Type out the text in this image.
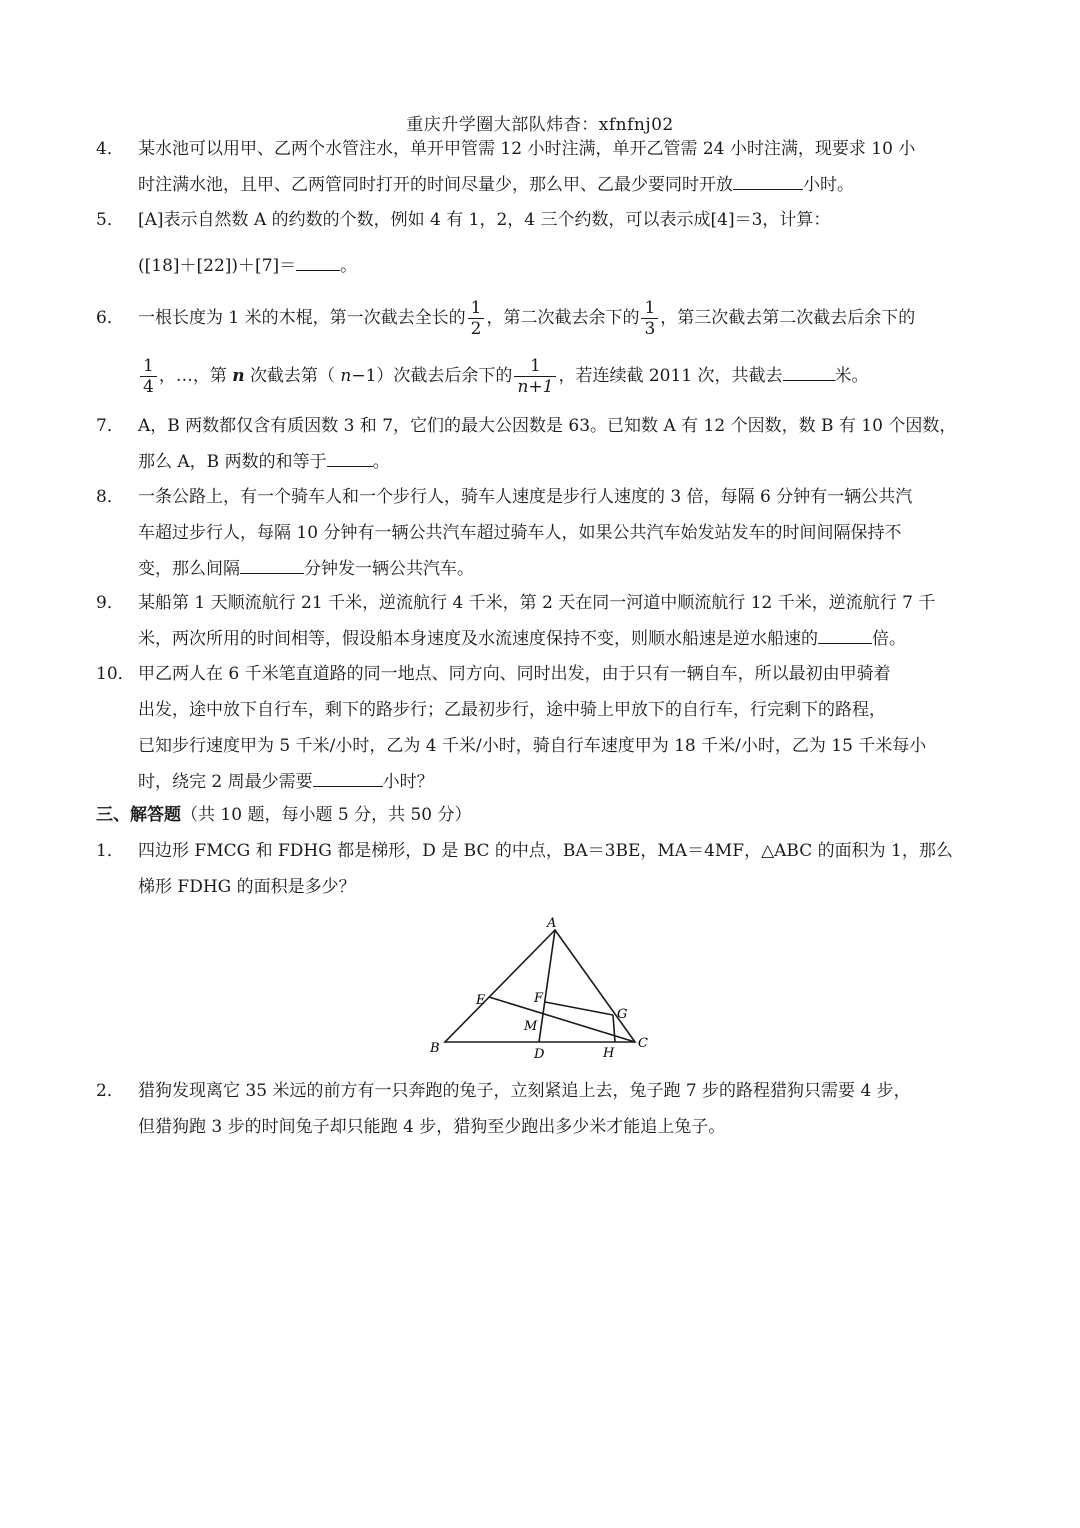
重庆升学圈大部队炜杳：xfnfnj02
4． 某水池可以用甲、乙两个水管注水，单开甲管需 12 小时注满，单开乙管需 24 小时注满，现要求 10 小

时注满水池，且甲、乙两管同时打开的时间尽量少，那么甲、乙最少要同时开放	小时。
5． [A]表示自然数 A 的约数的个数，例如 4 有 1，2，4 三个约数，可以表示成[4]＝3，计算：
([18]＋[22])＋[7]＝	。
6． 一根长度为 1 米的木棍，第一次截去全长的 $\frac{1}{2}$ ，第二次截去余下的 $\frac{1}{3}$ ，第三次截去第二次截去后余下的
$\frac{1}{4}$ ，…，第 n 次截去第（ n−1）次截去后余下的 $\frac{1}{n+1}$ ，若连续截 2011 次，共截去	米。
7． A，B 两数都仅含有质因数 3 和 7，它们的最大公因数是 63。已知数 A 有 12 个因数，数 B 有 10 个因数，

那么 A，B 两数的和等于	。
8． 一条公路上，有一个骑车人和一个步行人，骑车人速度是步行人速度的 3 倍，每隔 6 分钟有一辆公共汽

车超过步行人，每隔 10 分钟有一辆公共汽车超过骑车人，如果公共汽车始发站发车的时间间隔保持不
变，那么间隔	分钟发一辆公共汽车。
9． 某船第 1 天顺流航行 21 千米，逆流航行 4 千米，第 2 天在同一河道中顺流航行 12 千米，逆流航行 7 千

米，两次所用的时间相等，假设船本身速度及水流速度保持不变，则顺水船速是逆水船速的	倍。
10． 甲乙两人在 6 千米笔直道路的同一地点、同方向、同时出发，由于只有一辆自车，所以最初由甲骑着

出发，途中放下自行车，剩下的路步行；乙最初步行，途中骑上甲放下的自行车，行完剩下的路程，
已知步行速度甲为 5 千米/小时，乙为 4 千米/小时，骑自行车速度甲为 18 千米/小时，乙为 15 千米每小
时，绕完 2 周最少需要	小时？
三、解答题（共 10 题，每小题 5 分，共 50 分）
1． 四边形 FMCG 和 FDHG 都是梯形，D 是 BC 的中点，BA＝3BE，MA＝4MF，△ABC 的面积为 1，那么

梯形 FDHG 的面积是多少？
A
B	C
D
E	F
G
H
M
2． 猎狗发现离它 35 米远的前方有一只奔跑的兔子，立刻紧追上去，兔子跑 7 步的路程猎狗只需要 4 步，

但猎狗跑 3 步的时间兔子却只能跑 4 步，猎狗至少跑出多少米才能追上兔子。
